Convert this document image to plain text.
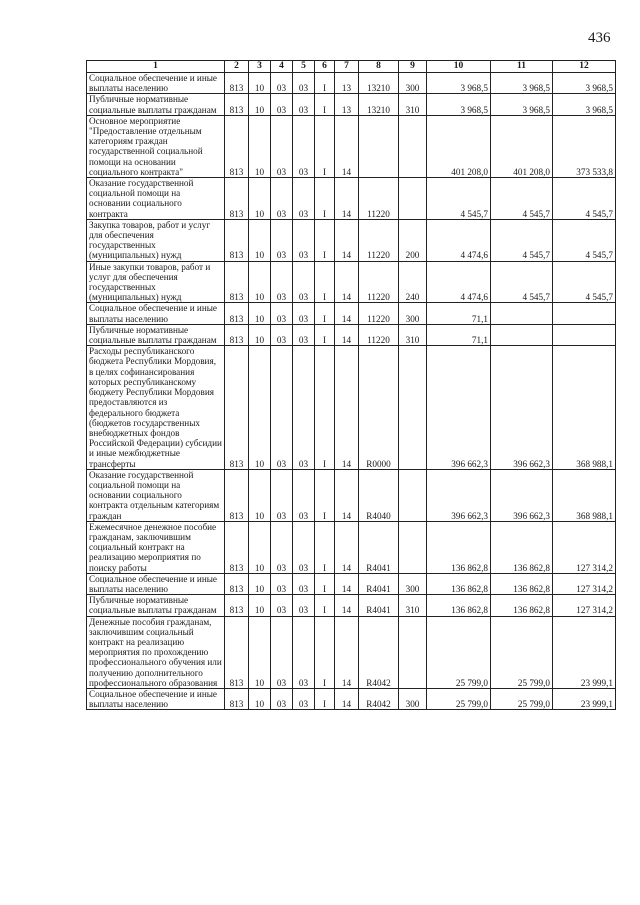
436
1	2	3	4	5	6	7	8	9	10	11	12
Социальное обеспечение и иные выплаты населению	813	10	03	03	I	13	13210	300	3 968,5	3 968,5	3 968,5
Публичные нормативные социальные выплаты гражданам	813	10	03	03	I	13	13210	310	3 968,5	3 968,5	3 968,5
Основное мероприятие "Предоставление отдельным категориям граждан государственной социальной помощи на основании социального контракта"	813	10	03	03	I	14			401 208,0	401 208,0	373 533,8
Оказание государственной социальной помощи на основании социального контракта	813	10	03	03	I	14	11220		4 545,7	4 545,7	4 545,7
Закупка товаров, работ и услуг для обеспечения государственных (муниципальных) нужд	813	10	03	03	I	14	11220	200	4 474,6	4 545,7	4 545,7
Иные закупки товаров, работ и услуг для обеспечения государственных (муниципальных) нужд	813	10	03	03	I	14	11220	240	4 474,6	4 545,7	4 545,7
Социальное обеспечение и иные выплаты населению	813	10	03	03	I	14	11220	300	71,1		
Публичные нормативные социальные выплаты гражданам	813	10	03	03	I	14	11220	310	71,1		
Расходы республиканского бюджета Республики Мордовия, в целях софинансирования которых республиканскому бюджету Республики Мордовия предоставляются из федерального бюджета (бюджетов государственных внебюджетных фондов Российской Федерации) субсидии и иные межбюджетные трансферты	813	10	03	03	I	14	R0000		396 662,3	396 662,3	368 988,1
Оказание государственной социальной помощи на основании социального контракта отдельным категориям граждан	813	10	03	03	I	14	R4040		396 662,3	396 662,3	368 988,1
Ежемесячное денежное пособие гражданам, заключившим социальный контракт на реализацию мероприятия по поиску работы	813	10	03	03	I	14	R4041		136 862,8	136 862,8	127 314,2
Социальное обеспечение и иные выплаты населению	813	10	03	03	I	14	R4041	300	136 862,8	136 862,8	127 314,2
Публичные нормативные социальные выплаты гражданам	813	10	03	03	I	14	R4041	310	136 862,8	136 862,8	127 314,2
Денежные пособия гражданам, заключившим социальный контракт на реализацию мероприятия по прохождению профессионального обучения или получению дополнительного профессионального образования	813	10	03	03	I	14	R4042		25 799,0	25 799,0	23 999,1
Социальное обеспечение и иные выплаты населению	813	10	03	03	I	14	R4042	300	25 799,0	25 799,0	23 999,1
